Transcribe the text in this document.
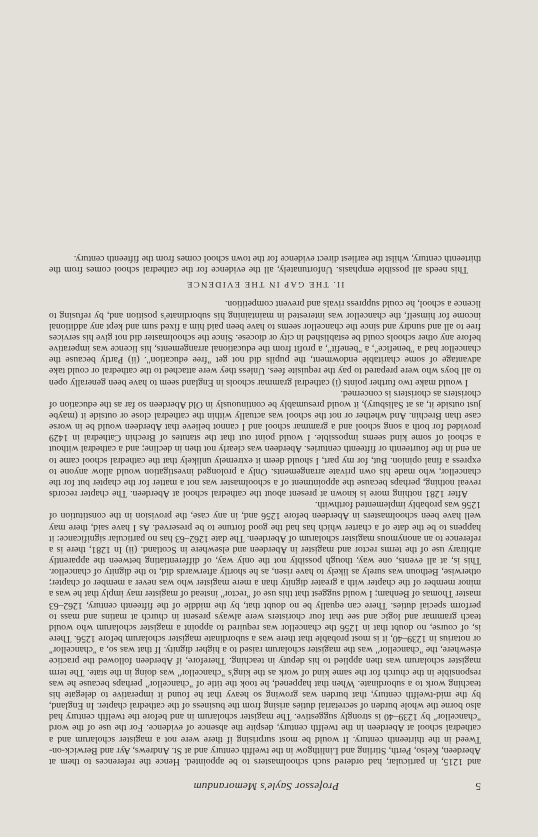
5
Professor Sayle's Memorandum

and 1215, in particular, had ordered such schoolmasters to be appointed. Hence the references to them at Aberdeen, Kelso, Perth, Stirling and Linlithgow in the twelfth century and at St. Andrews, Ayr and Berwick-on-Tweed in the thirteenth century. It would be most surprising if there were not a magister scholarum and a cathedral school at Aberdeen in the twelfth century, despite the absence of evidence. For the use of the word "chancellor" by 1239–40 is strongly suggestive. The magister scholarum in and before the twelfth century had also borne the whole burden of secretarial duties arising from the business of the cathedral chapter. In England, by the mid-twelfth century, that burden was growing so heavy that he found it imperative to delegate his teaching work to a subordinate. When that happened, he took the title of "chancellor" perhaps because he was responsible in the church for the same kind of work as the king's "chancellor" was doing in the state. The term magister scholarum was then applied to his deputy in teaching. Therefore, if Aberdeen followed the practice elsewhere, the "chancellor" was the magister scholarum raised to a higher dignity. If that was so, a "chancellor" or notarius in 1239–40, it is most probable that there was a subordinate magister scholarum before 1256. There is, of course, no doubt that in 1256 the chancellor was required to appoint a magister scholarum who would teach grammar and logic and see that four choristers were always present in church at matins and mass to perform special duties. There can equally be no doubt that, by the middle of the fifteenth century, 1262–63 master Thomas of Benham; I would suggest that this use of "rector" instead of magister may imply that he was a minor member of the chapter with a greater dignity than a mere magister who was never a member of chapter; otherwise, Bethoun was surely as likely to have risen, as he shortly afterwards did, to the dignity of chancellor. This is, at all events, one way, though possibly not the only way, of differentiating between the apparently arbitrary use of the terms rector and magister in Aberdeen and elsewhere in Scotland. (ii) In 1281, there is a reference to an anonymous magister scholarum of Aberdeen. The date 1262–63 has no particular significance: it happens to be the date of a charter which has had the good fortune to be preserved. As I have said, there may well have been schoolmasters in Aberdeen before 1256 and, in any case, the provision in the constitution of 1256 was probably implemented forthwith.

After 1281 nothing more is known at present about the cathedral school at Aberdeen. The chapter records reveal nothing, perhaps because the appointment of a schoolmaster was not a matter for the chapter but for the chancellor, who made his own private arrangements. Only a prolonged investigation would allow anyone to express a final opinion. But, for my part, I should deem it extremely unlikely that the cathedral school came to an end in the fourteenth or fifteenth centuries. Aberdeen was clearly not then in decline; and a cathedral without a school of some kind seems impossible. I would point out that the statutes of Brechin Cathedral in 1429 provided for both a song school and a grammar school and I cannot believe that Aberdeen would be in worse case than Brechin. And whether or not the school was actually within the cathedral close or outside it (maybe just outside it, as at Salisbury), it would presumably be continuously in Old Aberdeen so far as the education of choristers as choristers is concerned.

I would make two further points (i) cathedral grammar schools in England seem to have been generally open to all boys who were prepared to pay the requisite fees. Unless they were attached to the cathedral or could take advantage of some charitable endowment, the pupils did not get "free education". (ii) Partly because the chancellor had a "benefice", a "benefit", a profit from the educational arrangements, his licence was imperative before any other schools could be established in city or diocese. Since the schoolmaster did not give his services free to all and sundry and since the chancellor seems to have been paid him a fixed sum and kept any additional income for himself, the chancellor was interested in maintaining his subordinate's position and, by refusing to licence a school, he could suppress rivals and prevent competition.

II. THE GAP IN THE EVIDENCE

This needs all possible emphasis. Unfortunately, all the evidence for the cathedral school comes from the thirteenth century, whilst the earliest direct evidence for the town school comes from the fifteenth century.
